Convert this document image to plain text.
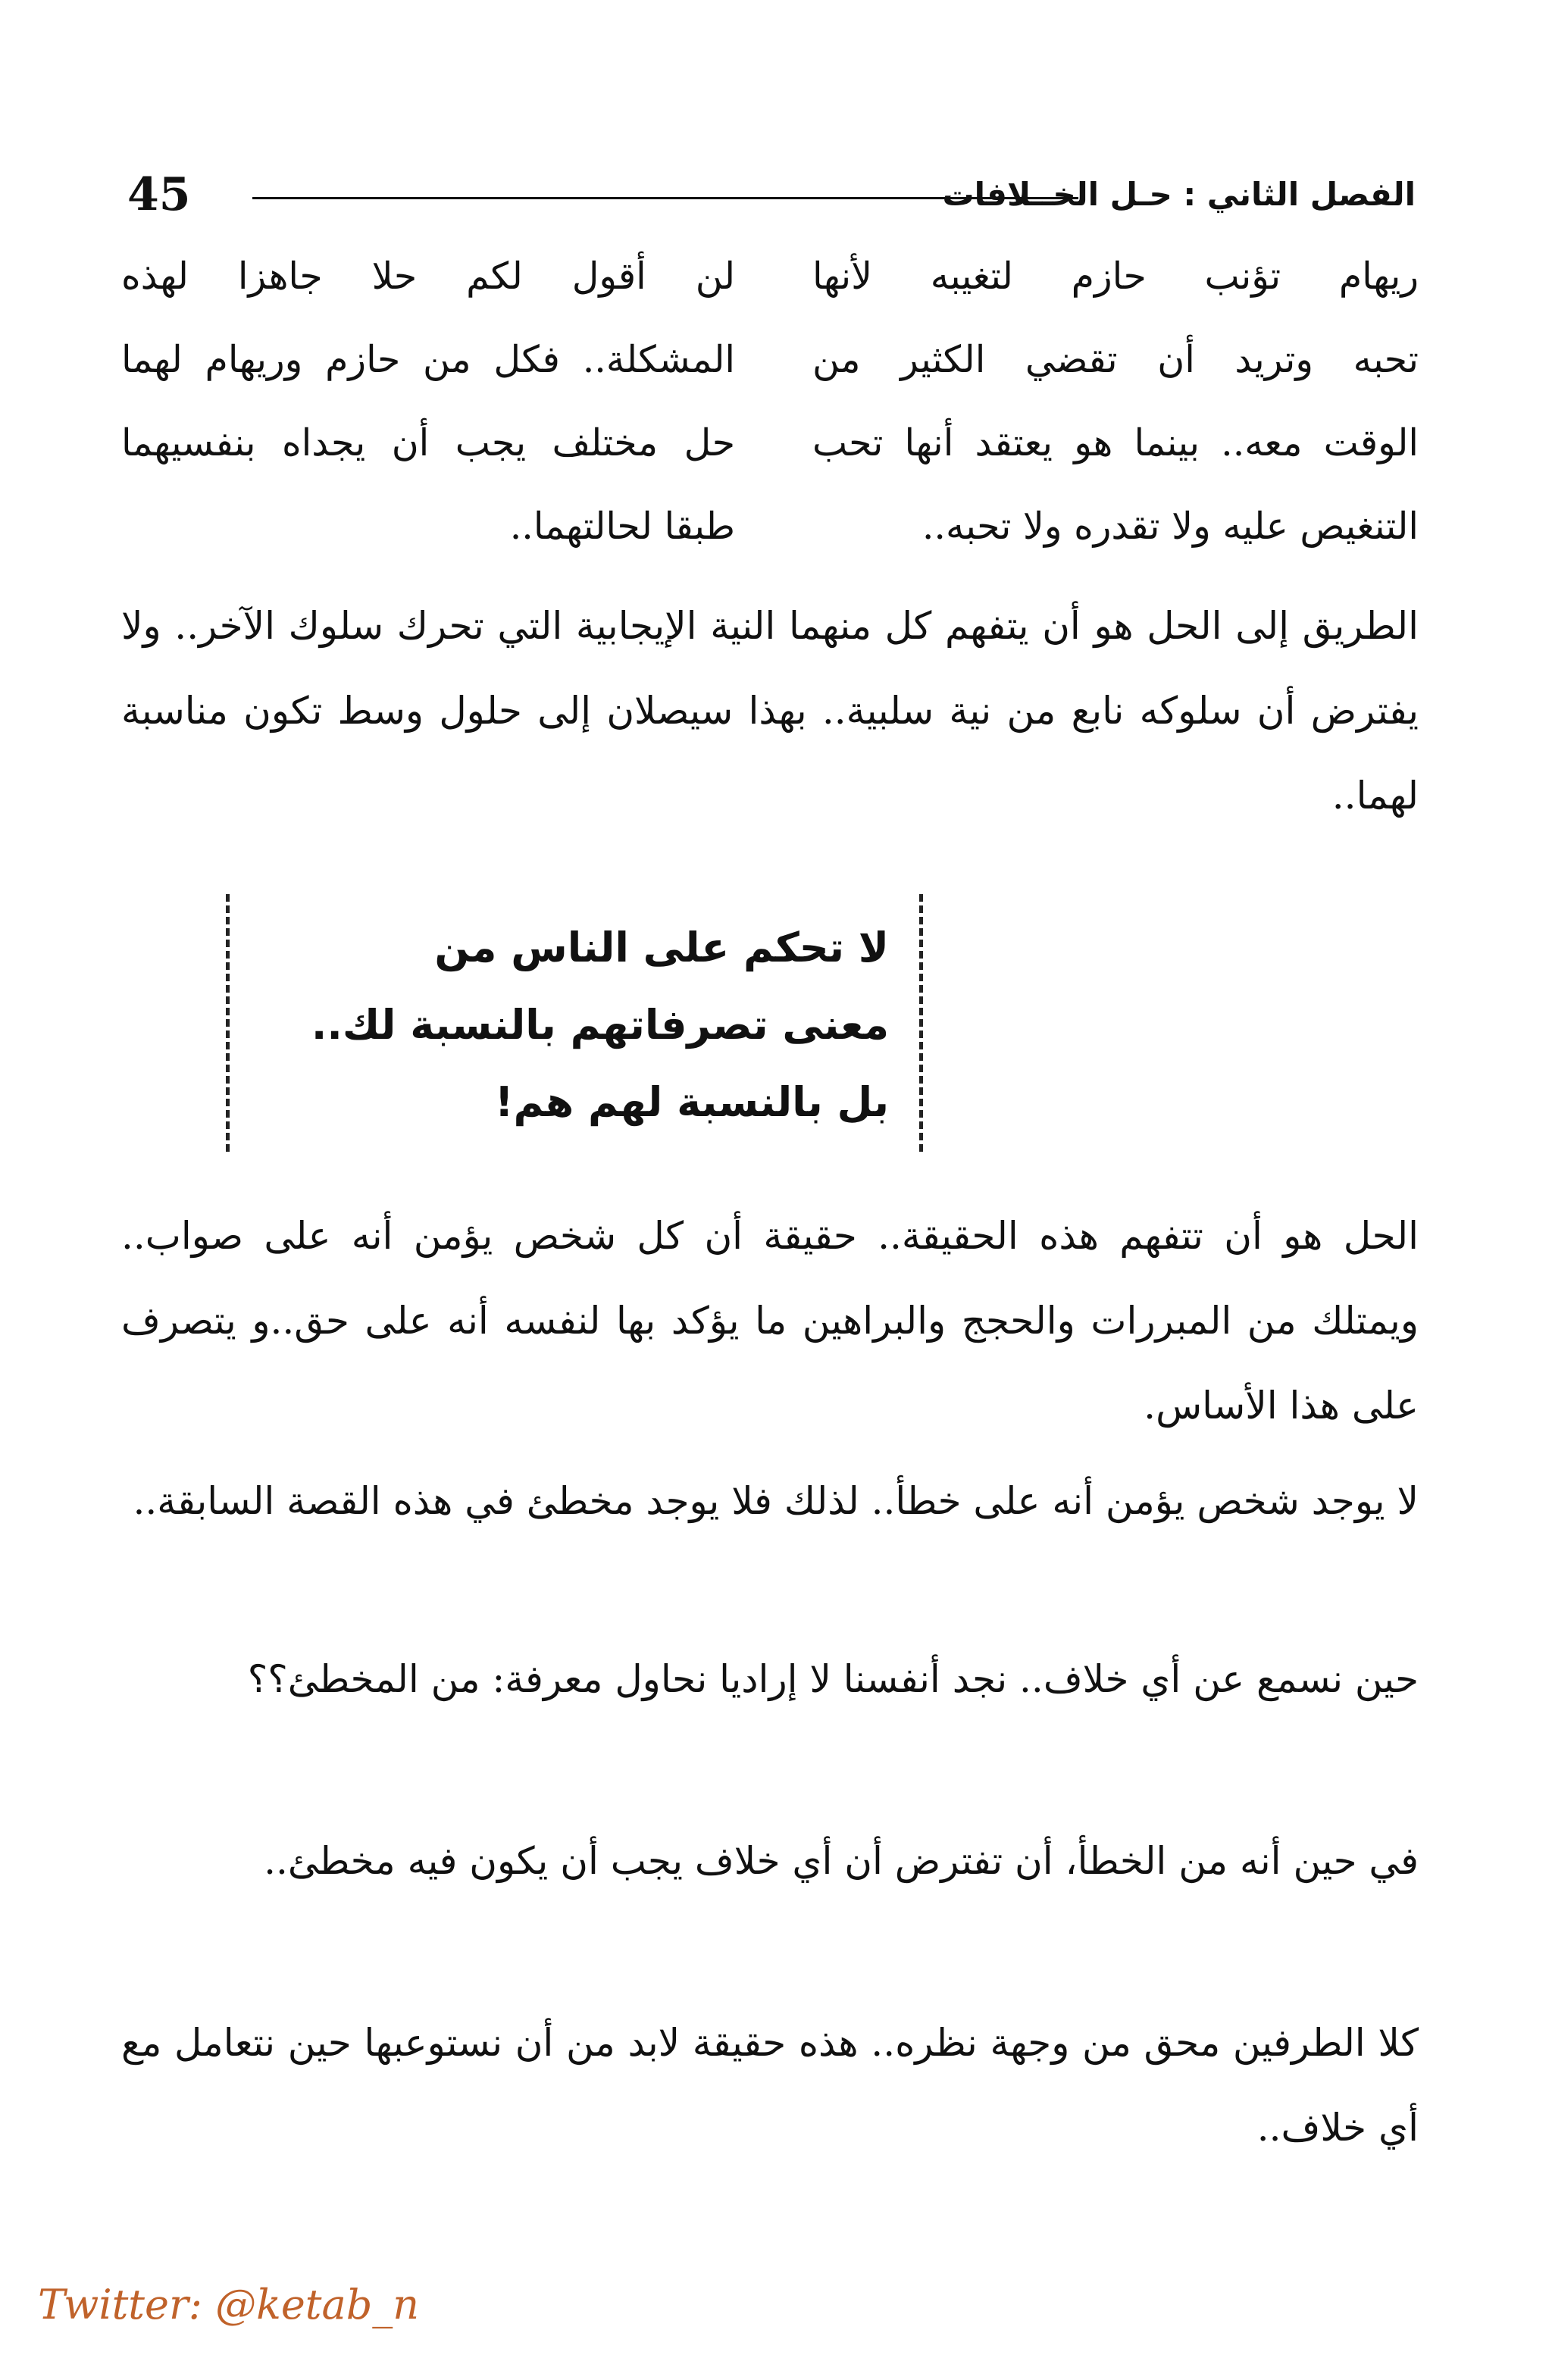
45	الفصل الثاني : حـل الخــلافات
ريهام تؤنب حازم لتغيبه لأنها
تحبه وتريد أن تقضي الكثير من
الوقت معه.. بينما هو يعتقد أنها تحب
التنغيص عليه ولا تقدره ولا تحبه..
لن أقول لكم حلا جاهزا لهذه
المشكلة.. فكل من حازم وريهام لهما
حل مختلف يجب أن يجداه بنفسيهما
طبقا لحالتهما..

الطريق إلى الحل هو أن يتفهم كل منهما النية الإيجابية التي تحرك سلوك الآخر.. ولا يفترض أن سلوكه نابع من نية سلبية.. بهذا سيصلان إلى حلول وسط تكون مناسبة لهما..

لا تحكم على الناس من
معنى تصرفاتهم بالنسبة لك..
بل بالنسبة لهم هم!

الحل هو أن تتفهم هذه الحقيقة.. حقيقة أن كل شخص يؤمن أنه على صواب.. ويمتلك من المبررات والحجج والبراهين ما يؤكد بها لنفسه أنه على حق..و يتصرف على هذا الأساس.

لا يوجد شخص يؤمن أنه على خطأ.. لذلك فلا يوجد مخطئ في هذه القصة السابقة..

حين نسمع عن أي خلاف.. نجد أنفسنا لا إراديا نحاول معرفة: من المخطئ؟؟

في حين أنه من الخطأ، أن تفترض أن أي خلاف يجب أن يكون فيه مخطئ..

كلا الطرفين محق من وجهة نظره.. هذه حقيقة لابد من أن نستوعبها حين نتعامل مع أي خلاف..

Twitter: @ketab_n
